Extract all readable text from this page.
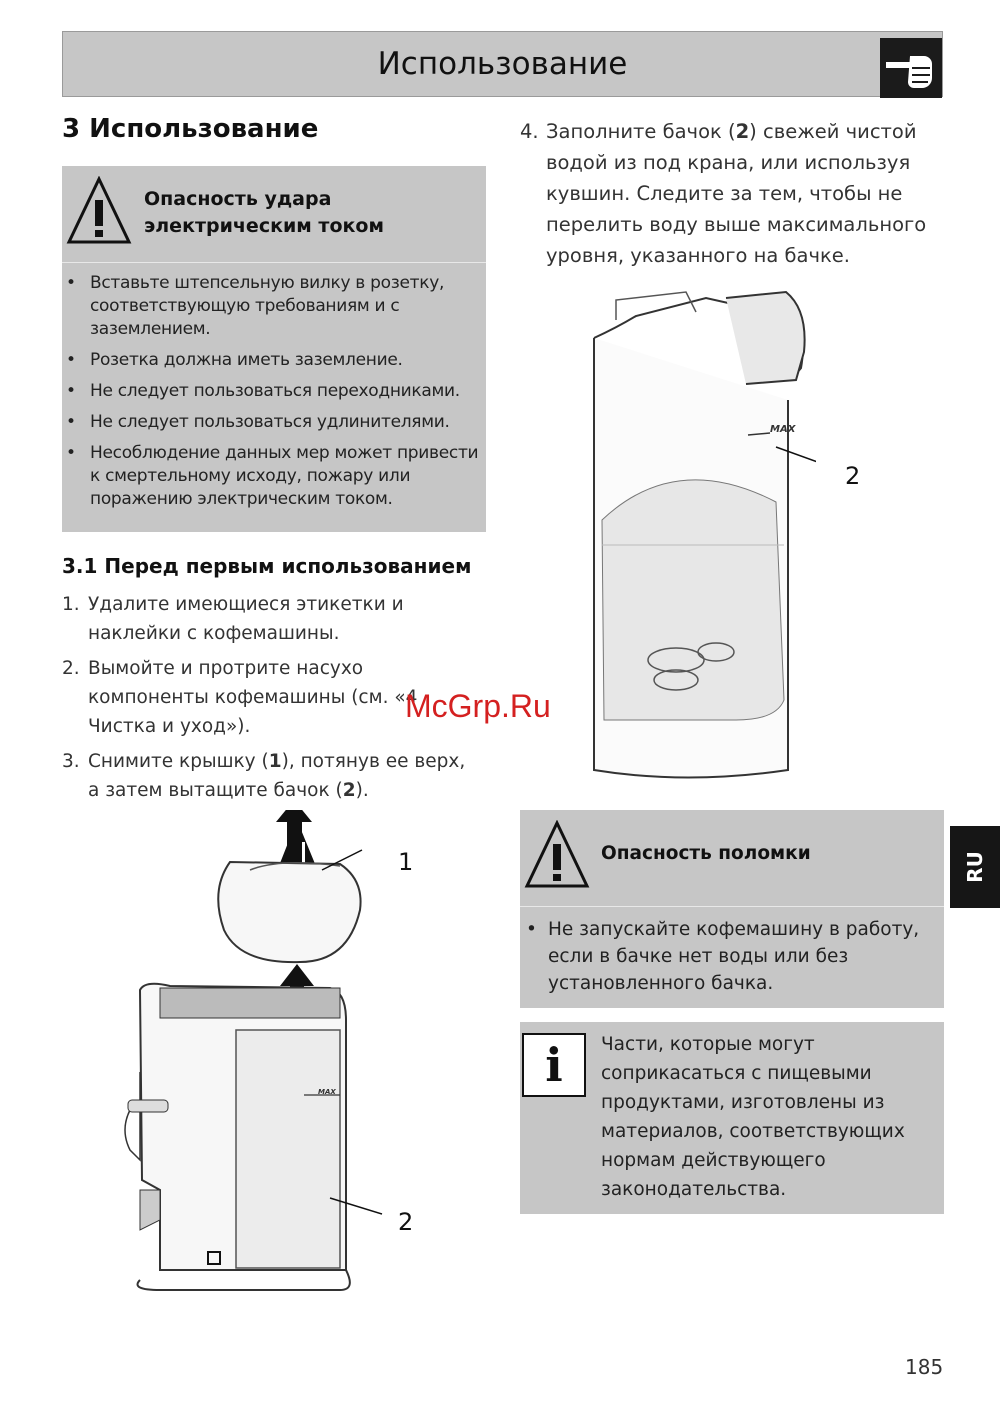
Использование
3 Использование
Опасность удара
электрическим током
• Вставьте штепсельную вилку в розетку, соответствующую требованиям и с заземлением.
• Розетка должна иметь заземление.
• Не следует пользоваться переходниками.
• Не следует пользоваться удлинителями.
• Несоблюдение данных мер может привести к смертельному исходу, пожару или поражению электрическим током.
3.1 Перед первым использованием
1. Удалите имеющиеся этикетки и
наклейки с кофемашины.
2. Вымойте и протрите насухо
компоненты кофемашины (см. «4
Чистка и уход»).
3. Снимите крышку (1), потянув ее верх,
а затем вытащите бачок (2).
4. Заполните бачок (2) свежей чистой
водой из под крана, или используя
кувшин. Следите за тем, чтобы не
перелить воду выше максимального
уровня, указанного на бачке.
MAX
2
MAX
1
2
Опасность поломки
• Не запускайте кофемашину в работу, если в бачке нет воды или без установленного бачка.
i	Части, которые могут
соприкасаться с пищевыми
продуктами, изготовлены из
материалов, соответствующих
нормам действующего
законодательства.
RU
McGrp.Ru
185
